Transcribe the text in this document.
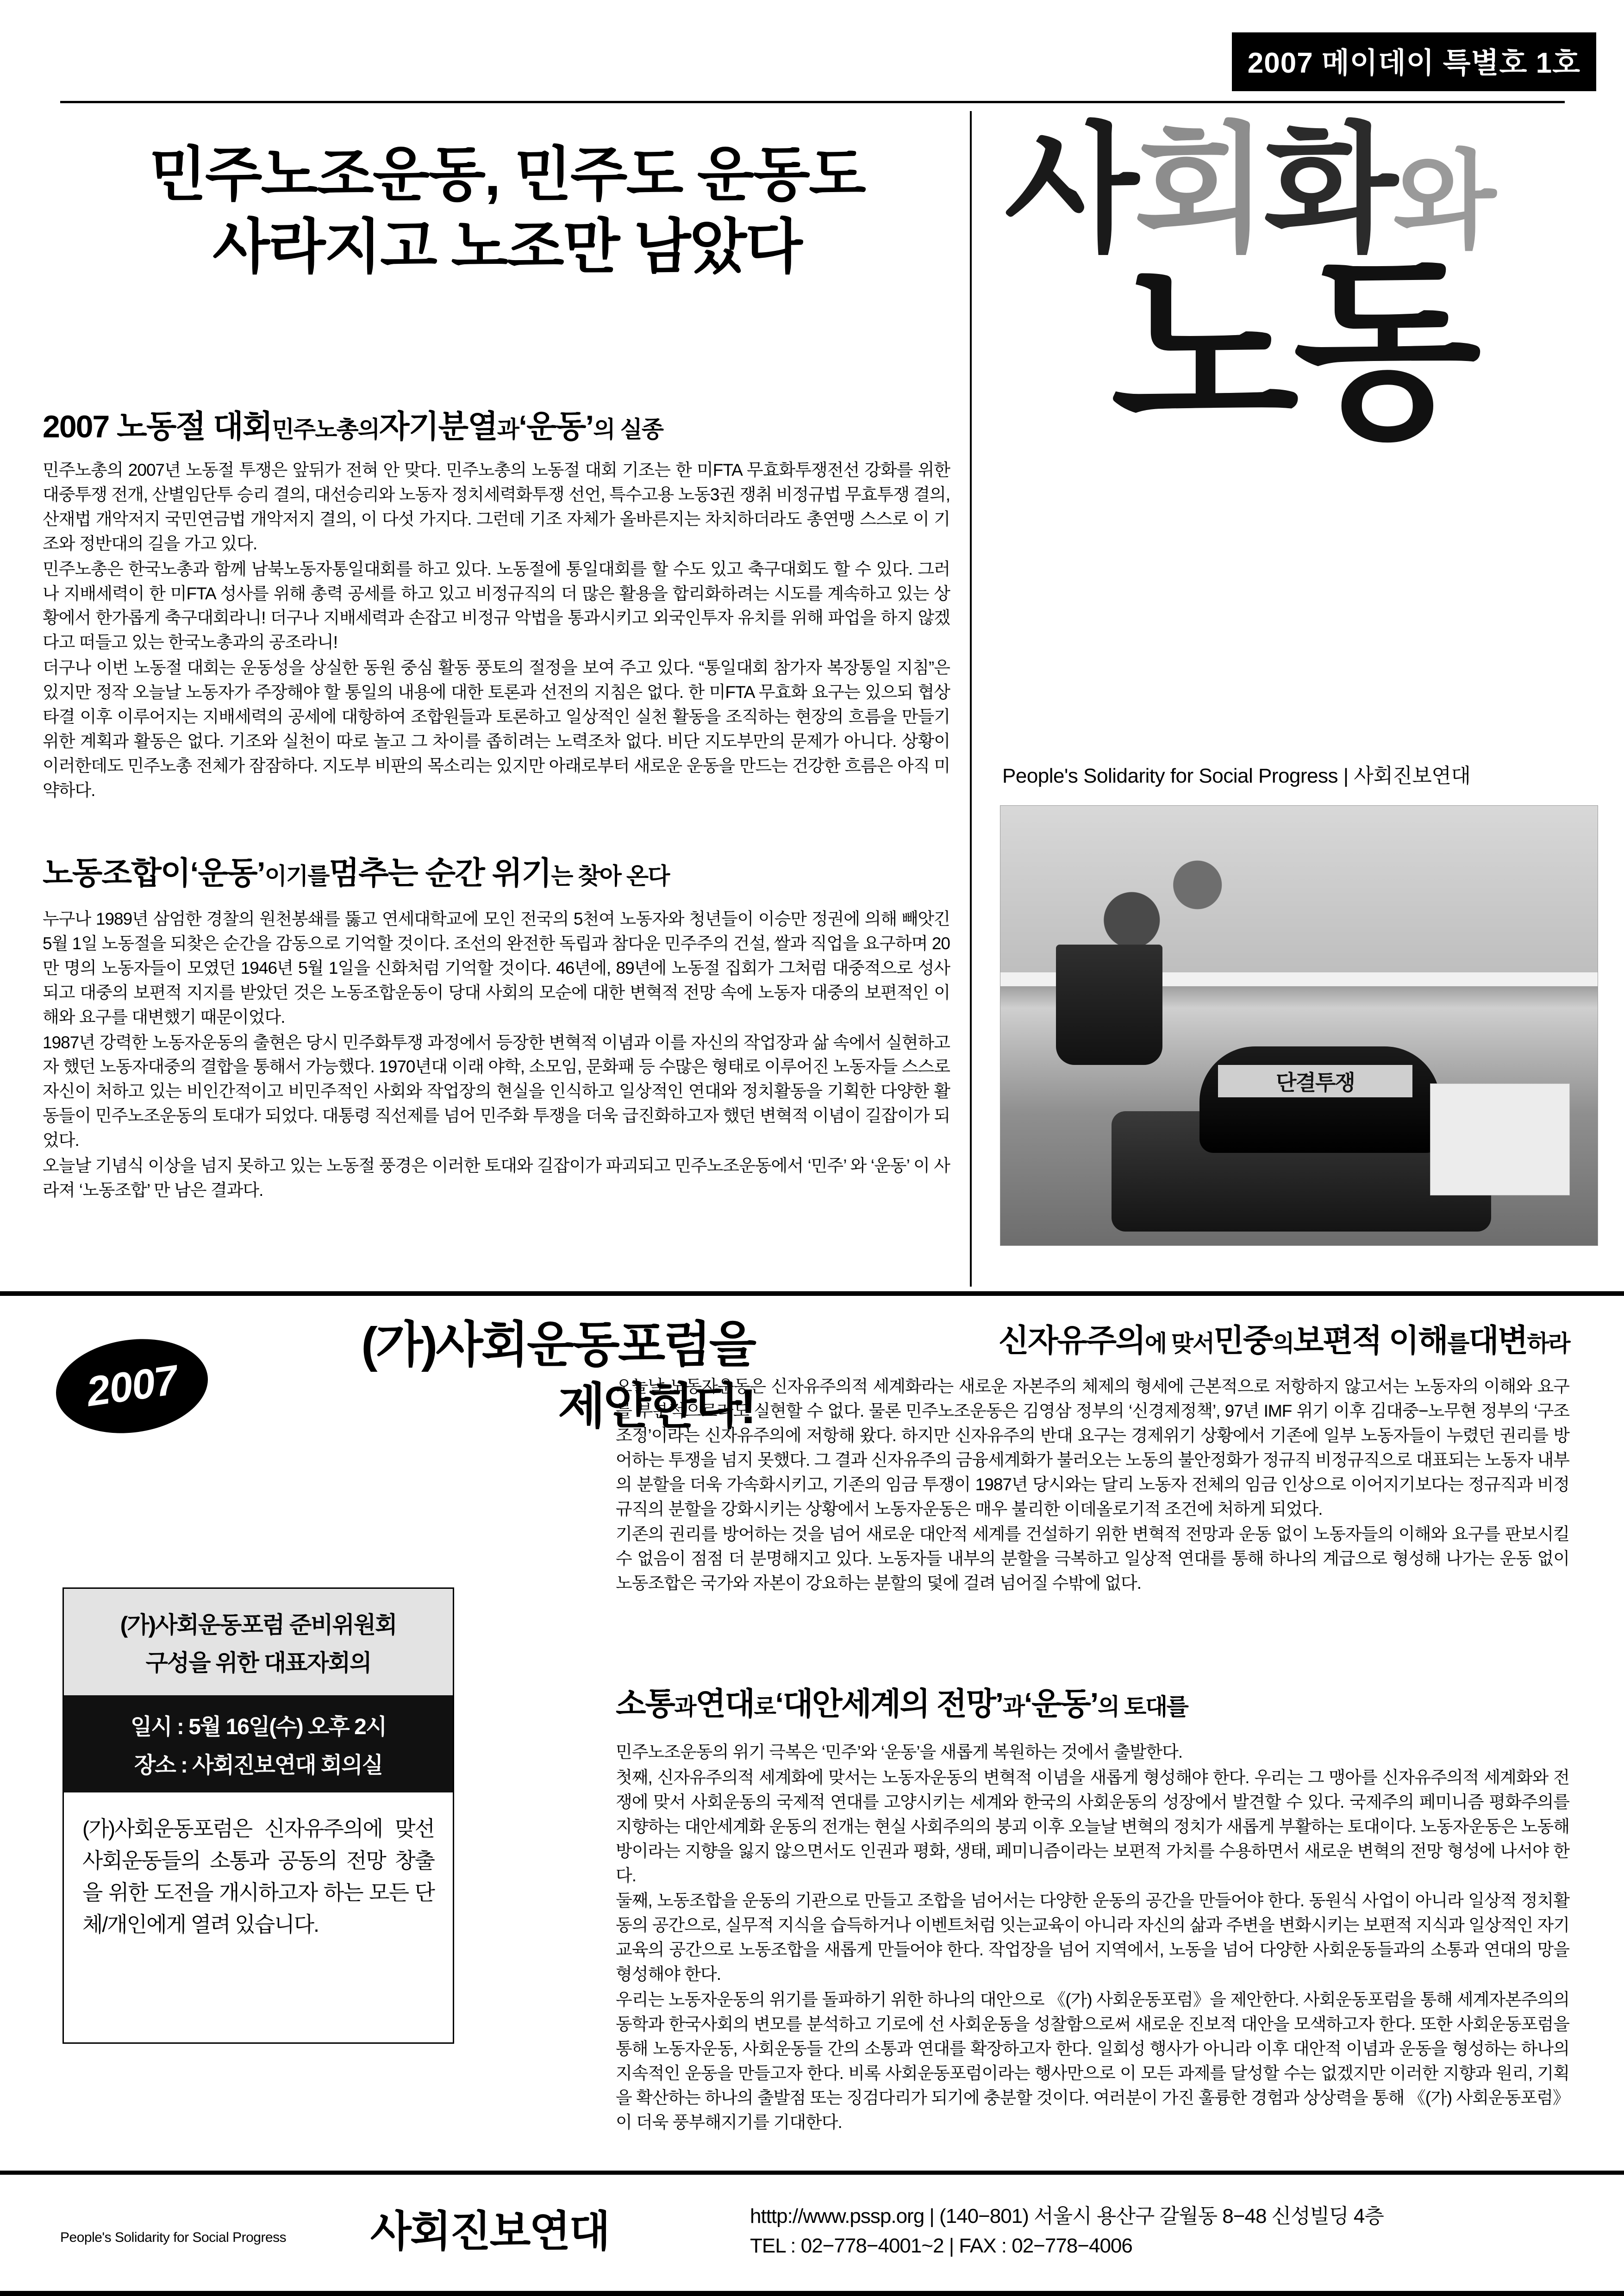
2007 메이데이 특별호 1호
민주노조운동, 민주도 운동도
사라지고 노조만 남았다	사회화와
노동
People's Solidarity for Social Progress | 사회진보연대
단결투쟁
2007 노동절 대회민주노총의자기분열과‘운동’의 실종

민주노총의 2007년 노동절 투쟁은 앞뒤가 전혀 안 맞다. 민주노총의 노동절 대회 기조는 한 미FTA 무효화투쟁전선 강화를 위한 대중투쟁 전개, 산별임단투 승리 결의, 대선승리와 노동자 정치세력화투쟁 선언, 특수고용 노동3권 쟁취 비정규법 무효투쟁 결의, 산재법 개악저지 국민연금법 개악저지 결의, 이 다섯 가지다. 그런데 기조 자체가 올바른지는 차치하더라도 총연맹 스스로 이 기조와 정반대의 길을 가고 있다.

민주노총은 한국노총과 함께 남북노동자통일대회를 하고 있다. 노동절에 통일대회를 할 수도 있고 축구대회도 할 수 있다. 그러나 지배세력이 한 미FTA 성사를 위해 총력 공세를 하고 있고 비정규직의 더 많은 활용을 합리화하려는 시도를 계속하고 있는 상황에서 한가롭게 축구대회라니! 더구나 지배세력과 손잡고 비정규 악법을 통과시키고 외국인투자 유치를 위해 파업을 하지 않겠다고 떠들고 있는 한국노총과의 공조라니!

더구나 이번 노동절 대회는 운동성을 상실한 동원 중심 활동 풍토의 절정을 보여 주고 있다. “통일대회 참가자 복장통일 지침”은 있지만 정작 오늘날 노동자가 주장해야 할 통일의 내용에 대한 토론과 선전의 지침은 없다. 한 미FTA 무효화 요구는 있으되 협상 타결 이후 이루어지는 지배세력의 공세에 대항하여 조합원들과 토론하고 일상적인 실천 활동을 조직하는 현장의 흐름을 만들기 위한 계획과 활동은 없다. 기조와 실천이 따로 놀고 그 차이를 좁히려는 노력조차 없다. 비단 지도부만의 문제가 아니다. 상황이 이러한데도 민주노총 전체가 잠잠하다. 지도부 비판의 목소리는 있지만 아래로부터 새로운 운동을 만드는 건강한 흐름은 아직 미약하다.

노동조합이‘운동’이기를멈추는 순간 위기는 찾아 온다

누구나 1989년 삼엄한 경찰의 원천봉쇄를 뚫고 연세대학교에 모인 전국의 5천여 노동자와 청년들이 이승만 정권에 의해 빼앗긴 5월 1일 노동절을 되찾은 순간을 감동으로 기억할 것이다. 조선의 완전한 독립과 참다운 민주주의 건설, 쌀과 직업을 요구하며 20만 명의 노동자들이 모였던 1946년 5월 1일을 신화처럼 기억할 것이다. 46년에, 89년에 노동절 집회가 그처럼 대중적으로 성사되고 대중의 보편적 지지를 받았던 것은 노동조합운동이 당대 사회의 모순에 대한 변혁적 전망 속에 노동자 대중의 보편적인 이해와 요구를 대변했기 때문이었다.

1987년 강력한 노동자운동의 출현은 당시 민주화투쟁 과정에서 등장한 변혁적 이념과 이를 자신의 작업장과 삶 속에서 실현하고자 했던 노동자대중의 결합을 통해서 가능했다. 1970년대 이래 야학, 소모임, 문화패 등 수많은 형태로 이루어진 노동자들 스스로 자신이 처하고 있는 비인간적이고 비민주적인 사회와 작업장의 현실을 인식하고 일상적인 연대와 정치활동을 기획한 다양한 활동들이 민주노조운동의 토대가 되었다. 대통령 직선제를 넘어 민주화 투쟁을 더욱 급진화하고자 했던 변혁적 이념이 길잡이가 되었다.

오늘날 기념식 이상을 넘지 못하고 있는 노동절 풍경은 이러한 토대와 길잡이가 파괴되고 민주노조운동에서 ‘민주’ 와 ‘운동’ 이 사라져 ‘노동조합’ 만 남은 결과다.

2007
(가)사회운동포럼을
제안한다!
(가)사회운동포럼 준비위원회
구성을 위한 대표자회의
일시 : 5월 16일(수) 오후 2시
장소 : 사회진보연대 회의실
(가)사회운동포럼은 신자유주의에 맞선 사회운동들의 소통과 공동의 전망 창출을 위한 도전을 개시하고자 하는 모든 단체/개인에게 열려 있습니다.
신자유주의에 맞서민중의보편적 이해를대변하라

오늘날 노동자운동은 신자유주의적 세계화라는 새로운 자본주의 체제의 형세에 근본적으로 저항하지 않고서는 노동자의 이해와 요구를 부분적으로라도 실현할 수 없다. 물론 민주노조운동은 김영삼 정부의 ‘신경제정책’, 97년 IMF 위기 이후 김대중−노무현 정부의 ‘구조조정’이라는 신자유주의에 저항해 왔다. 하지만 신자유주의 반대 요구는 경제위기 상황에서 기존에 일부 노동자들이 누렸던 권리를 방어하는 투쟁을 넘지 못했다. 그 결과 신자유주의 금융세계화가 불러오는 노동의 불안정화가 정규직 비정규직으로 대표되는 노동자 내부의 분할을 더욱 가속화시키고, 기존의 임금 투쟁이 1987년 당시와는 달리 노동자 전체의 임금 인상으로 이어지기보다는 정규직과 비정규직의 분할을 강화시키는 상황에서 노동자운동은 매우 불리한 이데올로기적 조건에 처하게 되었다.

기존의 권리를 방어하는 것을 넘어 새로운 대안적 세계를 건설하기 위한 변혁적 전망과 운동 없이 노동자들의 이해와 요구를 판보시킬 수 없음이 점점 더 분명해지고 있다. 노동자들 내부의 분할을 극복하고 일상적 연대를 통해 하나의 계급으로 형성해 나가는 운동 없이 노동조합은 국가와 자본이 강요하는 분할의 덫에 걸려 넘어질 수밖에 없다.

소통과연대로‘대안세계의 전망’과‘운동’의 토대를

민주노조운동의 위기 극복은 ‘민주’와 ‘운동’을 새롭게 복원하는 것에서 출발한다.

첫째, 신자유주의적 세계화에 맞서는 노동자운동의 변혁적 이념을 새롭게 형성해야 한다. 우리는 그 맹아를 신자유주의적 세계화와 전쟁에 맞서 사회운동의 국제적 연대를 고양시키는 세계와 한국의 사회운동의 성장에서 발견할 수 있다. 국제주의 페미니즘 평화주의를 지향하는 대안세계화 운동의 전개는 현실 사회주의의 붕괴 이후 오늘날 변혁의 정치가 새롭게 부활하는 토대이다. 노동자운동은 노동해방이라는 지향을 잃지 않으면서도 인권과 평화, 생태, 페미니즘이라는 보편적 가치를 수용하면서 새로운 변혁의 전망 형성에 나서야 한다.

둘째, 노동조합을 운동의 기관으로 만들고 조합을 넘어서는 다양한 운동의 공간을 만들어야 한다. 동원식 사업이 아니라 일상적 정치활동의 공간으로, 실무적 지식을 습득하거나 이벤트처럼 잇는교육이 아니라 자신의 삶과 주변을 변화시키는 보편적 지식과 일상적인 자기교육의 공간으로 노동조합을 새롭게 만들어야 한다. 작업장을 넘어 지역에서, 노동을 넘어 다양한 사회운동들과의 소통과 연대의 망을 형성해야 한다.

우리는 노동자운동의 위기를 돌파하기 위한 하나의 대안으로 《(가) 사회운동포럼》을 제안한다. 사회운동포럼을 통해 세계자본주의의 동학과 한국사회의 변모를 분석하고 기로에 선 사회운동을 성찰함으로써 새로운 진보적 대안을 모색하고자 한다. 또한 사회운동포럼을 통해 노동자운동, 사회운동들 간의 소통과 연대를 확장하고자 한다. 일회성 행사가 아니라 이후 대안적 이념과 운동을 형성하는 하나의 지속적인 운동을 만들고자 한다. 비록 사회운동포럼이라는 행사만으로 이 모든 과제를 달성할 수는 없겠지만 이러한 지향과 원리, 기획을 확산하는 하나의 출발점 또는 징검다리가 되기에 충분할 것이다. 여러분이 가진 훌륭한 경험과 상상력을 통해 《(가) 사회운동포럼》이 더욱 풍부해지기를 기대한다.

People's Solidarity for Social Progress 사회진보연대	htttp://www.pssp.org | (140−801) 서울시 용산구 갈월동 8−48 신성빌딩 4층
TEL : 02−778−4001~2 | FAX : 02−778−4006
